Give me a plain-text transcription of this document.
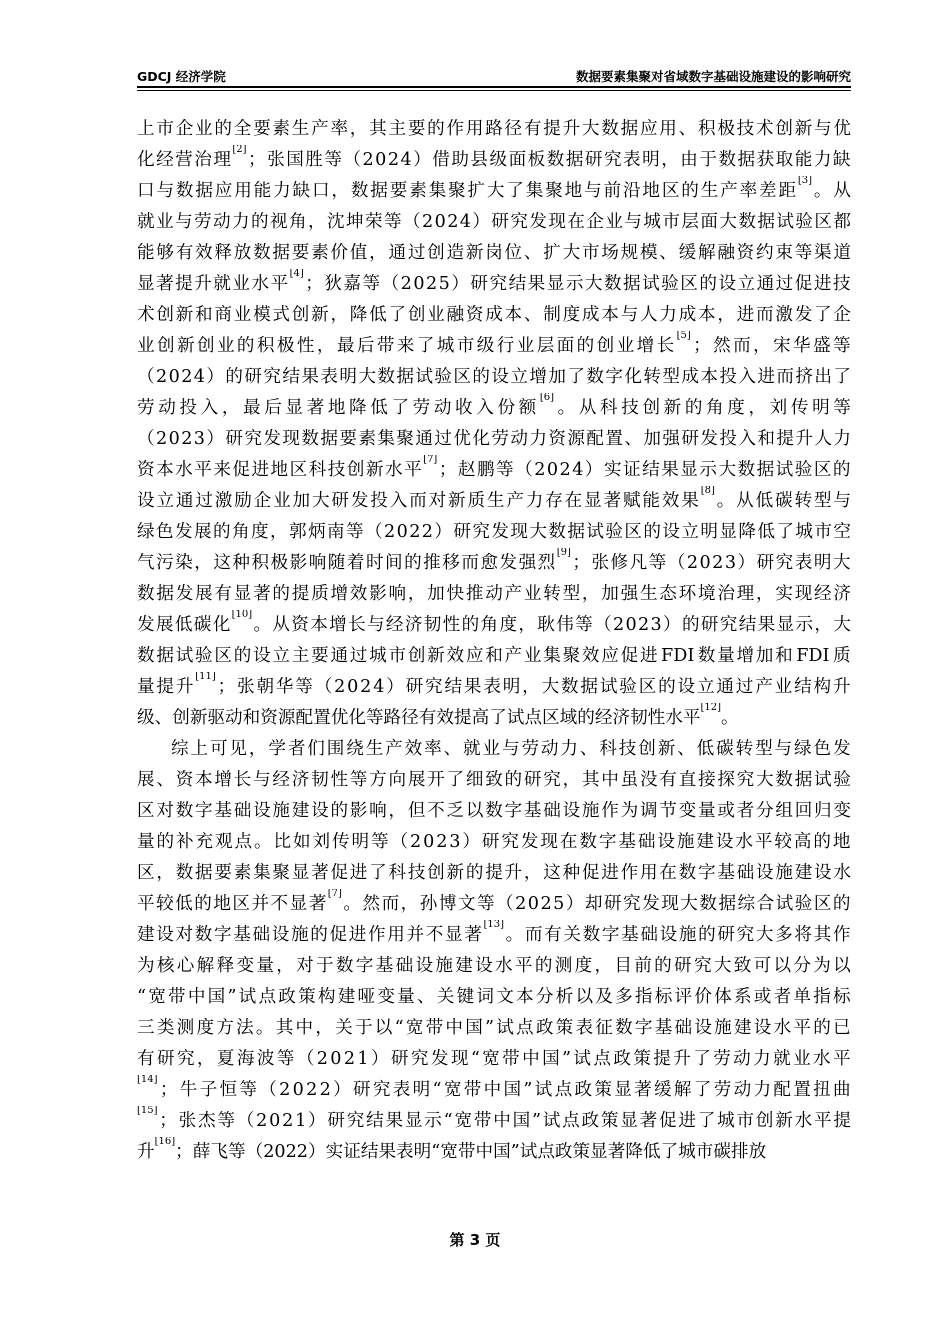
GDCJ 经济学院	数据要素集聚对省域数字基础设施建设的影响研究
上 市 企 业 的 全 要 素 生 产 率 ， 其 主 要 的 作 用 路 径 有 提 升 大 数 据 应 用 、 积 极 技 术 创 新 与 优
化 经 营 治 理
[2]
； 张 国 胜 等 （ 2 0 2 4 ） 借 助 县 级 面 板 数 据 研 究 表 明 ， 由 于 数 据 获 取 能 力 缺
口 与 数 据 应 用 能 力 缺 口 ， 数 据 要 素 集 聚 扩 大 了 集 聚 地 与 前 沿 地 区 的 生 产 率 差 距
[3]
。 从
就 业 与 劳 动 力 的 视 角 ， 沈 坤 荣 等 （ 2 0 2 4 ） 研 究 发 现 在 企 业 与 城 市 层 面 大 数 据 试 验 区 都
能 够 有 效 释 放 数 据 要 素 价 值 ， 通 过 创 造 新 岗 位 、 扩 大 市 场 规 模 、 缓 解 融 资 约 束 等 渠 道
显 著 提 升 就 业 水 平
[4]
； 狄 嘉 等 （ 2 0 2 5 ） 研 究 结 果 显 示 大 数 据 试 验 区 的 设 立 通 过 促 进 技
术 创 新 和 商 业 模 式 创 新 ， 降 低 了 创 业 融 资 成 本 、 制 度 成 本 与 人 力 成 本 ， 进 而 激 发 了 企
业 创 新 创 业 的 积 极 性 ， 最 后 带 来 了 城 市 级 行 业 层 面 的 创 业 增 长
[5]
； 然 而 ， 宋 华 盛 等
（ 2 0 2 4 ） 的 研 究 结 果 表 明 大 数 据 试 验 区 的 设 立 增 加 了 数 字 化 转 型 成 本 投 入 进 而 挤 出 了
劳 动 投 入 ， 最 后 显 著 地 降 低 了 劳 动 收 入 份 额
[6]
。 从 科 技 创 新 的 角 度 ， 刘 传 明 等
（ 2 0 2 3 ） 研 究 发 现 数 据 要 素 集 聚 通 过 优 化 劳 动 力 资 源 配 置 、 加 强 研 发 投 入 和 提 升 人 力
资 本 水 平 来 促 进 地 区 科 技 创 新 水 平
[7]
； 赵 鹏 等 （ 2 0 2 4 ） 实 证 结 果 显 示 大 数 据 试 验 区 的
设 立 通 过 激 励 企 业 加 大 研 发 投 入 而 对 新 质 生 产 力 存 在 显 著 赋 能 效 果
[8]
。 从 低 碳 转 型 与
绿 色 发 展 的 角 度 ， 郭 炳 南 等 （ 2 0 2 2 ） 研 究 发 现 大 数 据 试 验 区 的 设 立 明 显 降 低 了 城 市 空
气 污 染 ， 这 种 积 极 影 响 随 着 时 间 的 推 移 而 愈 发 强 烈
[9]
； 张 修 凡 等 （ 2 0 2 3 ） 研 究 表 明 大
数 据 发 展 有 显 著 的 提 质 增 效 影 响 ， 加 快 推 动 产 业 转 型 ， 加 强 生 态 环 境 治 理 ， 实 现 经 济
发 展 低 碳 化
[10]
。 从 资 本 增 长 与 经 济 韧 性 的 角 度 ， 耿 伟 等 （ 2 0 2 3 ） 的 研 究 结 果 显 示 ， 大
数 据 试 验 区 的 设 立 主 要 通 过 城 市 创 新 效 应 和 产 业 集 聚 效 应 促 进 FDI 数 量 增 加 和 FDI 质
量 提 升
[11]
； 张 朝 华 等 （ 2 0 2 4 ） 研 究 结 果 表 明 ， 大 数 据 试 验 区 的 设 立 通 过 产 业 结 构 升
级 、 创 新 驱 动 和 资 源 配 置 优 化 等 路 径 有 效 提 高 了 试 点 区 域 的 经 济 韧 性 水 平
[12]
。
综 上 可 见 ， 学 者 们 围 绕 生 产 效 率 、 就 业 与 劳 动 力 、 科 技 创 新 、 低 碳 转 型 与 绿 色 发
展 、 资 本 增 长 与 经 济 韧 性 等 方 向 展 开 了 细 致 的 研 究 ， 其 中 虽 没 有 直 接 探 究 大 数 据 试 验
区 对 数 字 基 础 设 施 建 设 的 影 响 ， 但 不 乏 以 数 字 基 础 设 施 作 为 调 节 变 量 或 者 分 组 回 归 变
量 的 补 充 观 点 。 比 如 刘 传 明 等 （ 2 0 2 3 ） 研 究 发 现 在 数 字 基 础 设 施 建 设 水 平 较 高 的 地
区 ， 数 据 要 素 集 聚 显 著 促 进 了 科 技 创 新 的 提 升 ， 这 种 促 进 作 用 在 数 字 基 础 设 施 建 设 水
平 较 低 的 地 区 并 不 显 著
[7]
。 然 而 ， 孙 博 文 等 （ 2 0 2 5 ） 却 研 究 发 现 大 数 据 综 合 试 验 区 的
建 设 对 数 字 基 础 设 施 的 促 进 作 用 并 不 显 著
[13]
。 而 有 关 数 字 基 础 设 施 的 研 究 大 多 将 其 作
为 核 心 解 释 变 量 ， 对 于 数 字 基 础 设 施 建 设 水 平 的 测 度 ， 目 前 的 研 究 大 致 可 以 分 为 以
“ 宽 带 中 国 ” 试 点 政 策 构 建 哑 变 量 、 关 键 词 文 本 分 析 以 及 多 指 标 评 价 体 系 或 者 单 指 标
三 类 测 度 方 法 。 其 中 ， 关 于 以 “ 宽 带 中 国 ” 试 点 政 策 表 征 数 字 基 础 设 施 建 设 水 平 的 已
有 研 究 ， 夏 海 波 等 （ 2 0 2 1 ） 研 究 发 现 “ 宽 带 中 国 ” 试 点 政 策 提 升 了 劳 动 力 就 业 水 平
[14]
； 牛 子 恒 等 （ 2 0 2 2 ） 研 究 表 明 “ 宽 带 中 国 ” 试 点 政 策 显 著 缓 解 了 劳 动 力 配 置 扭 曲
[15]
； 张 杰 等 （ 2 0 2 1 ） 研 究 结 果 显 示 “ 宽 带 中 国 ” 试 点 政 策 显 著 促 进 了 城 市 创 新 水 平 提
升
[16]
； 薛 飞 等 （ 2 0 2 2 ） 实 证 结 果 表 明 “ 宽 带 中 国 ” 试 点 政 策 显 著 降 低 了 城 市 碳 排 放
第 3 页
